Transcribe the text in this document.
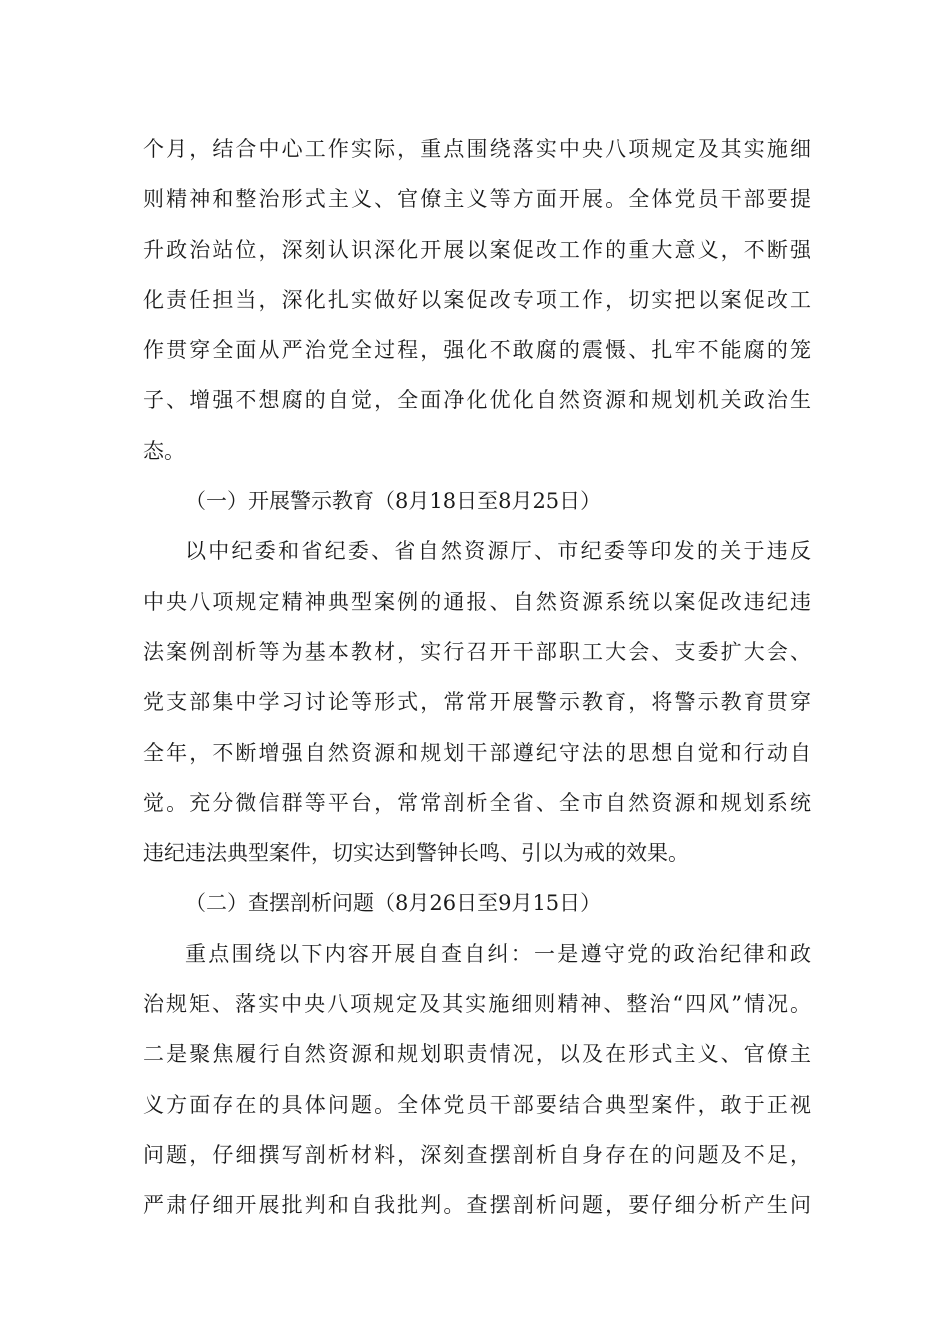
个月，结合中心工作实际，重点围绕落实中央八项规定及其实施细
则精神和整治形式主义、官僚主义等方面开展。全体党员干部要提
升政治站位，深刻认识深化开展以案促改工作的重大意义，不断强
化责任担当，深化扎实做好以案促改专项工作，切实把以案促改工
作贯穿全面从严治党全过程，强化不敢腐的震慑、扎牢不能腐的笼
子、增强不想腐的自觉，全面净化优化自然资源和规划机关政治生
态。
（一）开展警示教育（8月18日至8月25日）
以中纪委和省纪委、省自然资源厅、市纪委等印发的关于违反
中央八项规定精神典型案例的通报、自然资源系统以案促改违纪违
法案例剖析等为基本教材，实行召开干部职工大会、支委扩大会、
党支部集中学习讨论等形式，常常开展警示教育，将警示教育贯穿
全年，不断增强自然资源和规划干部遵纪守法的思想自觉和行动自
觉。充分微信群等平台，常常剖析全省、全市自然资源和规划系统
违纪违法典型案件，切实达到警钟长鸣、引以为戒的效果。
（二）查摆剖析问题（8月26日至9月15日）
重点围绕以下内容开展自查自纠：一是遵守党的政治纪律和政
治规矩、落实中央八项规定及其实施细则精神、整治“四风”情况。
二是聚焦履行自然资源和规划职责情况，以及在形式主义、官僚主
义方面存在的具体问题。全体党员干部要结合典型案件，敢于正视
问题，仔细撰写剖析材料，深刻查摆剖析自身存在的问题及不足，
严肃仔细开展批判和自我批判。查摆剖析问题，要仔细分析产生问
